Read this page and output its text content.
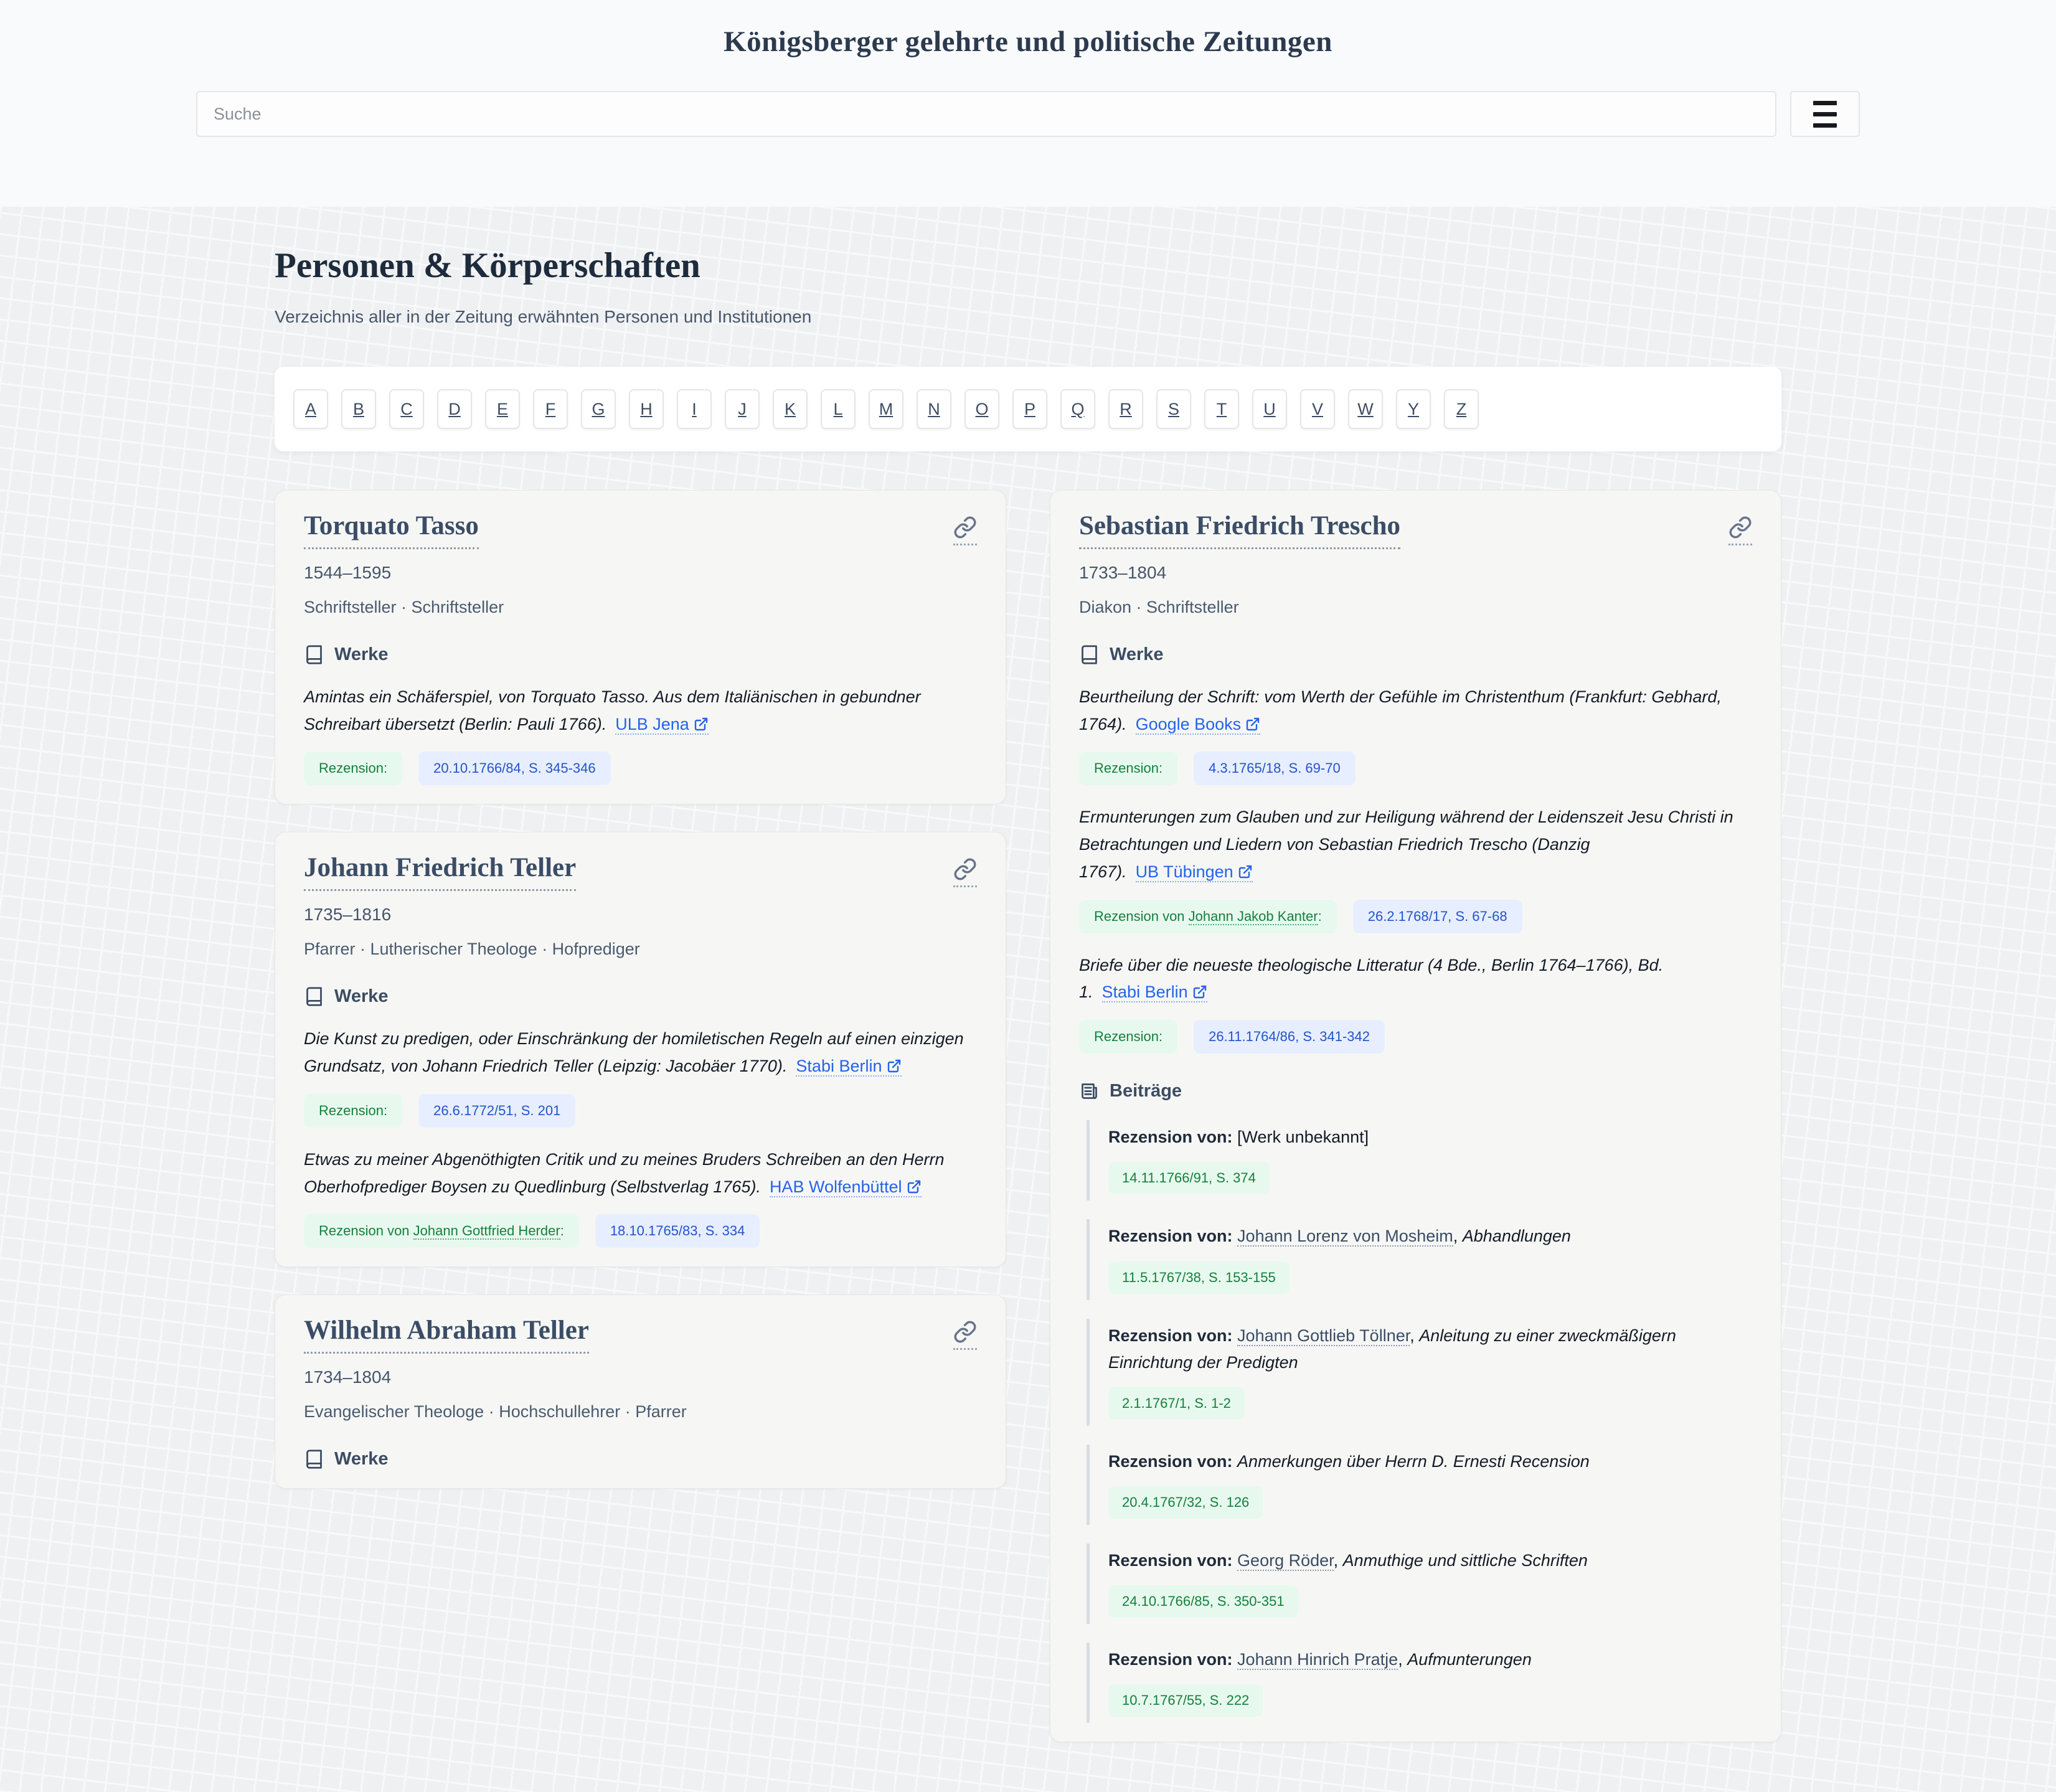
Königsberger gelehrte und politische Zeitungen
Suche
Personen & Körperschaften

Verzeichnis aller in der Zeitung erwähnten Personen und Institutionen

A B C D E F G H I J K L M N O P Q R S T U V W Y Z
Torquato Tasso
1544–1595
Schriftsteller · Schriftsteller
Werke
Amintas ein Schäferspiel, von Torquato Tasso. Aus dem Italiänischen in gebundner Schreibart übersetzt (Berlin: Pauli 1766). ULB Jena
Rezension:	20.10.1766/84, S. 345-346
Johann Friedrich Teller
1735–1816
Pfarrer · Lutherischer Theologe · Hofprediger
Werke
Die Kunst zu predigen, oder Einschränkung der homiletischen Regeln auf einen einzigen Grundsatz, von Johann Friedrich Teller (Leipzig: Jacobäer 1770). Stabi Berlin
Rezension:	26.6.1772/51, S. 201
Etwas zu meiner Abgenöthigten Critik und zu meines Bruders Schreiben an den Herrn Oberhofprediger Boysen zu Quedlinburg (Selbstverlag 1765). HAB Wolfenbüttel
Rezension von Johann Gottfried Herder:	18.10.1765/83, S. 334
Wilhelm Abraham Teller
1734–1804
Evangelischer Theologe · Hochschullehrer · Pfarrer
Werke
Sebastian Friedrich Trescho
1733–1804
Diakon · Schriftsteller
Werke
Beurtheilung der Schrift: vom Werth der Gefühle im Christenthum (Frankfurt: Gebhard, 1764). Google Books
Rezension:	4.3.1765/18, S. 69-70
Ermunterungen zum Glauben und zur Heiligung während der Leidenszeit Jesu Christi in Betrachtungen und Liedern von Sebastian Friedrich Trescho (Danzig 1767). UB Tübingen
Rezension von Johann Jakob Kanter:	26.2.1768/17, S. 67-68
Briefe über die neueste theologische Litteratur (4 Bde., Berlin 1764–1766), Bd. 1. Stabi Berlin
Rezension:	26.11.1764/86, S. 341-342
Beiträge
Rezension von: [Werk unbekannt]
14.11.1766/91, S. 374
Rezension von: Johann Lorenz von Mosheim, Abhandlungen
11.5.1767/38, S. 153-155
Rezension von: Johann Gottlieb Töllner, Anleitung zu einer zweckmäßigern Einrichtung der Predigten
2.1.1767/1, S. 1-2
Rezension von: Anmerkungen über Herrn D. Ernesti Recension
20.4.1767/32, S. 126
Rezension von: Georg Röder, Anmuthige und sittliche Schriften
24.10.1766/85, S. 350-351
Rezension von: Johann Hinrich Pratje, Aufmunterungen
10.7.1767/55, S. 222
